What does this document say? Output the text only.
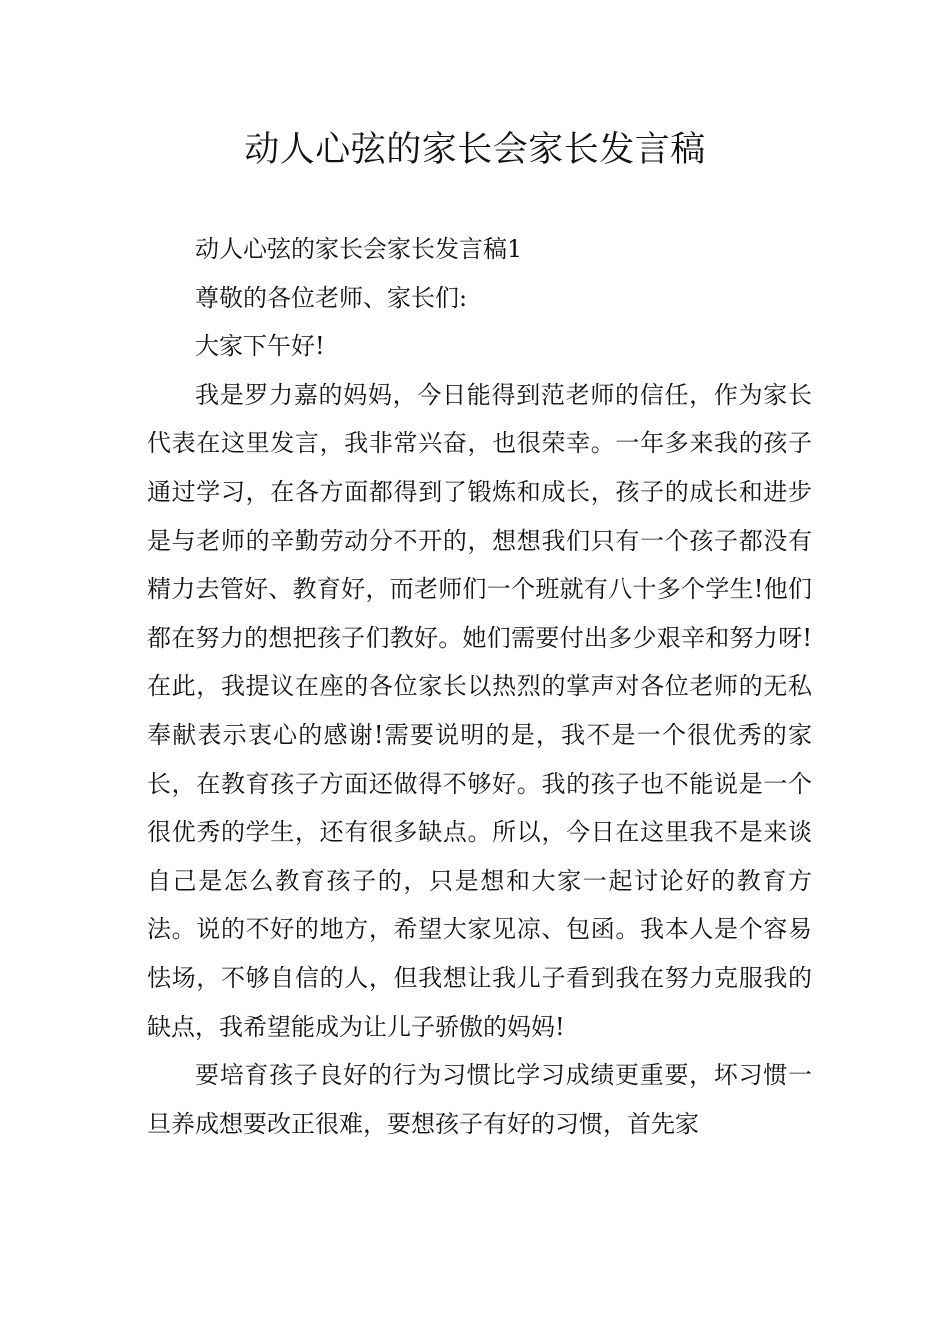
动人心弦的家长会家长发言稿

动人心弦的家长会家长发言稿1

尊敬的各位老师、家长们:

大家下午好!

我是罗力嘉的妈妈，今日能得到范老师的信任，作为家长代表在这里发言，我非常兴奋，也很荣幸。一年多来我的孩子通过学习，在各方面都得到了锻炼和成长，孩子的成长和进步是与老师的辛勤劳动分不开的，想想我们只有一个孩子都没有精力去管好、教育好，而老师们一个班就有八十多个学生!他们都在努力的想把孩子们教好。她们需要付出多少艰辛和努力呀!在此，我提议在座的各位家长以热烈的掌声对各位老师的无私奉献表示衷心的感谢!需要说明的是，我不是一个很优秀的家长，在教育孩子方面还做得不够好。我的孩子也不能说是一个很优秀的学生，还有很多缺点。所以，今日在这里我不是来谈自己是怎么教育孩子的，只是想和大家一起讨论好的教育方法。说的不好的地方，希望大家见凉、包函。我本人是个容易怯场，不够自信的人，但我想让我儿子看到我在努力克服我的缺点，我希望能成为让儿子骄傲的妈妈!

要培育孩子良好的行为习惯比学习成绩更重要，坏习惯一旦养成想要改正很难，要想孩子有好的习惯，首先家
